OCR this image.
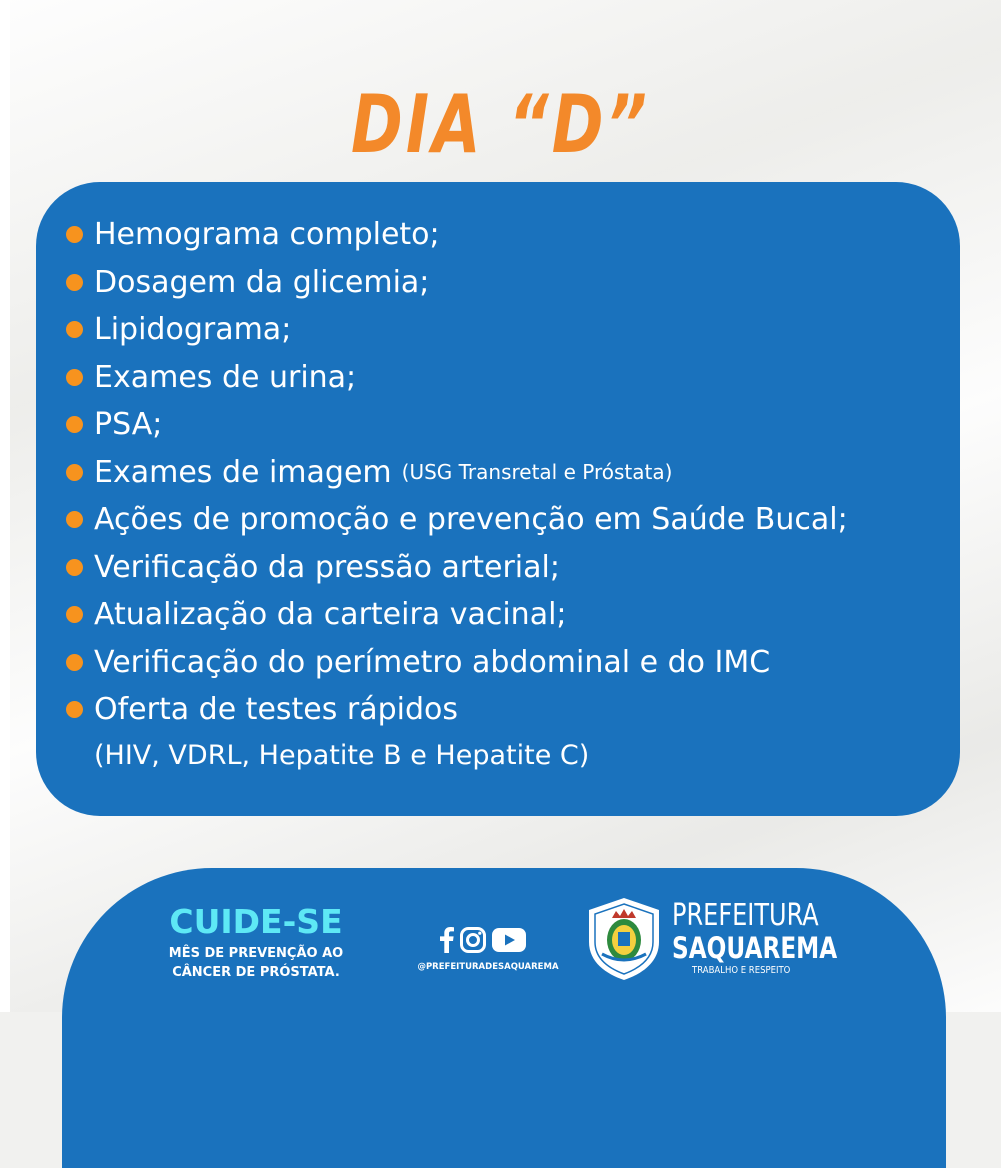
DIA “D”
Hemograma completo;
Dosagem da glicemia;
Lipidograma;
Exames de urina;
PSA;
Exames de imagem (USG Transretal e Próstata)
Ações de promoção e prevenção em Saúde Bucal;
Verificação da pressão arterial;
Atualização da carteira vacinal;
Verificação do perímetro abdominal e do IMC
Oferta de testes rápidos
(HIV, VDRL, Hepatite B e Hepatite C)
CUIDE-SE
MÊS DE PREVENÇÃO AO
CÂNCER DE PRÓSTATA.	@PREFEITURADESAQUAREMA
PREFEITURA
SAQUAREMA
TRABALHO E RESPEITO
